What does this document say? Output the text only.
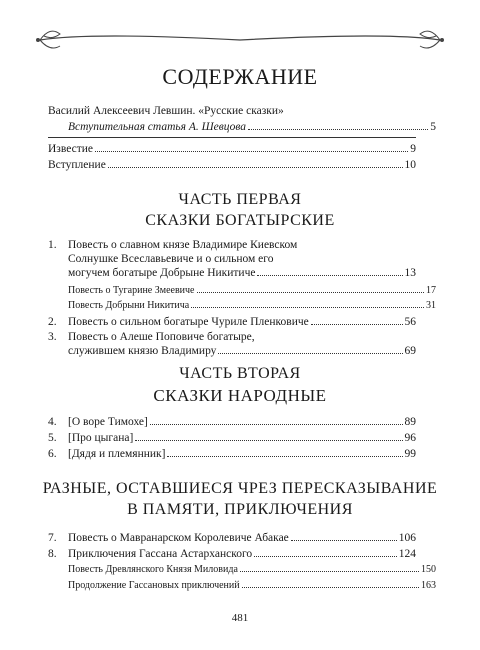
СОДЕРЖАНИЕ
Василий Алексеевич Левшин. «Русские сказки»
Вступительная статья А. Шевцова	5
Известие	9
Вступление	10
ЧАСТЬ ПЕРВАЯ
СКАЗКИ БОГАТЫРСКИЕ
1. Повесть о славном князе Владимире Киевском
Солнушке Всеславьевиче и о сильном его
могучем богатыре Добрыне Никитиче	13
Повесть о Тугарине Змеевиче	17
Повесть Добрыни Никитича	31
2. Повесть о сильном богатыре Чуриле Пленковиче	56
3. Повесть о Алеше Поповиче богатыре,
служившем князю Владимиру	69
ЧАСТЬ ВТОРАЯ
СКАЗКИ НАРОДНЫЕ
4. [О воре Тимохе]	89
5. [Про цыгана]	96
6. [Дядя и племянник]	99
РАЗНЫЕ, ОСТАВШИЕСЯ ЧРЕЗ ПЕРЕСКАЗЫВАНИЕ
В ПАМЯТИ, ПРИКЛЮЧЕНИЯ
7. Повесть о Мавранарском Королевиче Абакае	106
8. Приключения Гассана Астарханского	124
Повесть Древлянского Князя Миловида	150
Продолжение Гассановых приключений	163
481
